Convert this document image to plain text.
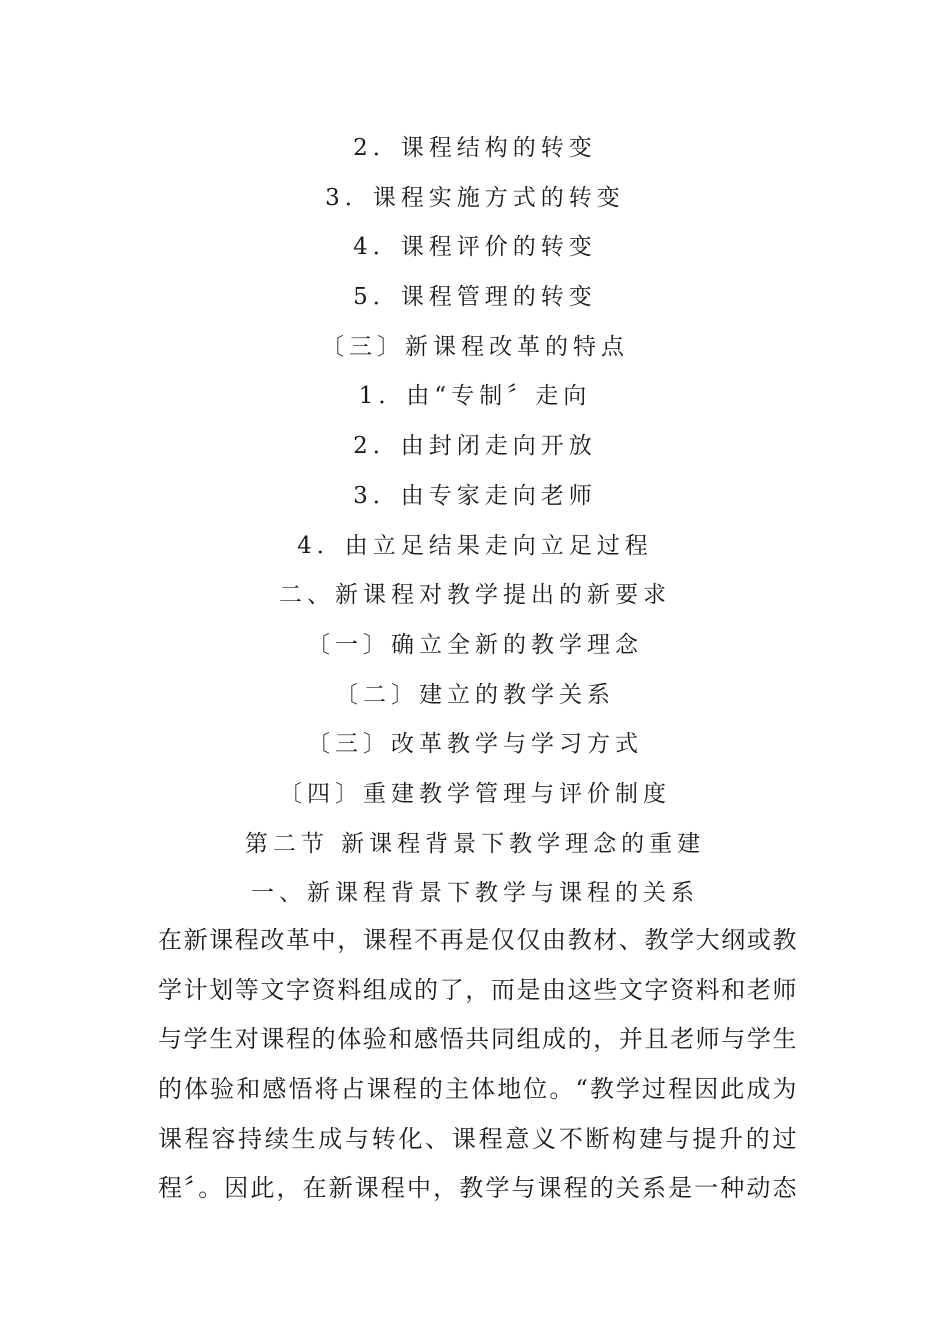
2．课程结构的转变
3．课程实施方式的转变
4．课程评价的转变
5．课程管理的转变
〔三〕新课程改革的特点
1．由“专制〞走向
2．由封闭走向开放
3．由专家走向老师
4．由立足结果走向立足过程
二、新课程对教学提出的新要求
〔一〕确立全新的教学理念
〔二〕建立的教学关系
〔三〕改革教学与学习方式
〔四〕重建教学管理与评价制度
第二节 新课程背景下教学理念的重建
一、新课程背景下教学与课程的关系
在新课程改革中，课程不再是仅仅由教材、教学大纲或教
学计划等文字资料组成的了，而是由这些文字资料和老师
与学生对课程的体验和感悟共同组成的，并且老师与学生
的体验和感悟将占课程的主体地位。“教学过程因此成为
课程容持续生成与转化、课程意义不断构建与提升的过
程〞。因此，在新课程中，教学与课程的关系是一种动态
